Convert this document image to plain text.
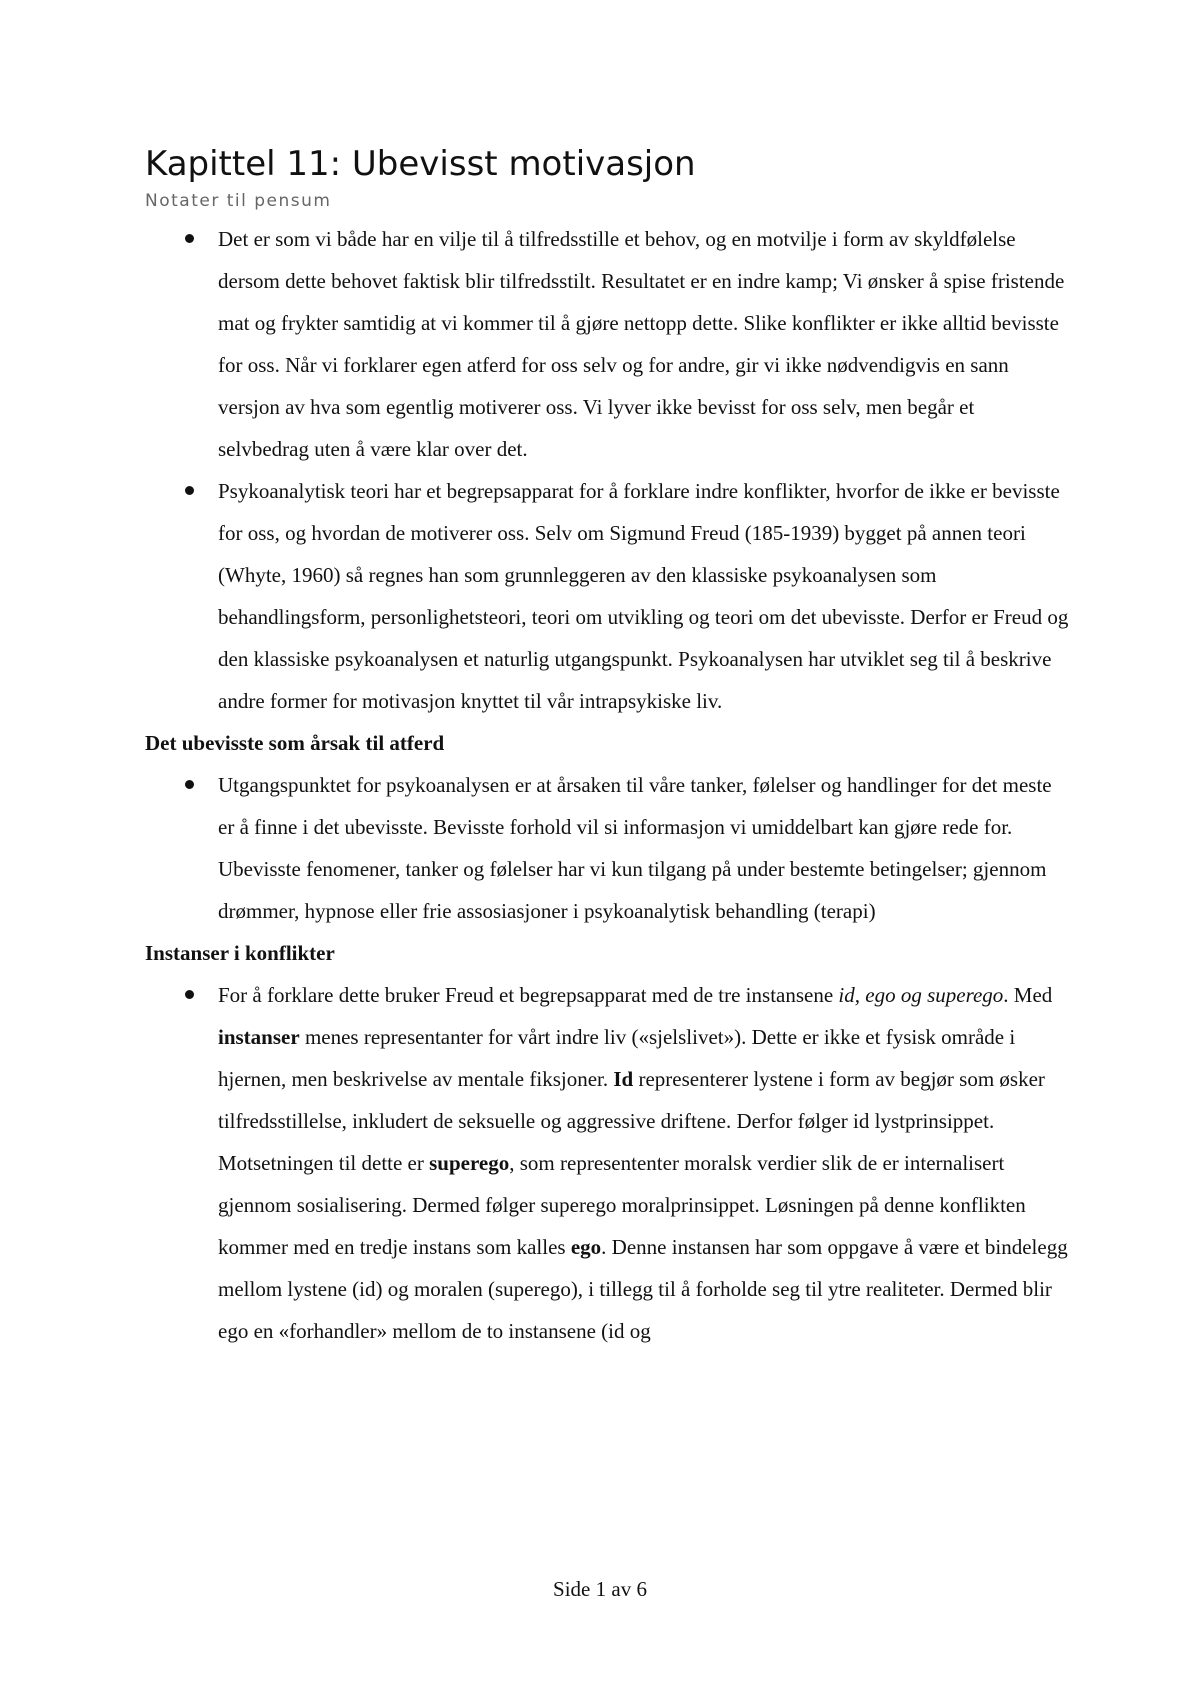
Kapittel 11: Ubevisst motivasjon
Notater til pensum
Det er som vi både har en vilje til å tilfredsstille et behov, og en motvilje i form av skyldfølelse dersom dette behovet faktisk blir tilfredsstilt. Resultatet er en indre kamp; Vi ønsker å spise fristende mat og frykter samtidig at vi kommer til å gjøre nettopp dette. Slike konflikter er ikke alltid bevisste for oss. Når vi forklarer egen atferd for oss selv og for andre, gir vi ikke nødvendigvis en sann versjon av hva som egentlig motiverer oss. Vi lyver ikke bevisst for oss selv, men begår et selvbedrag uten å være klar over det.
Psykoanalytisk teori har et begrepsapparat for å forklare indre konflikter, hvorfor de ikke er bevisste for oss, og hvordan de motiverer oss. Selv om Sigmund Freud (185-1939) bygget på annen teori (Whyte, 1960) så regnes han som grunnleggeren av den klassiske psykoanalysen som behandlingsform, personlighetsteori, teori om utvikling og teori om det ubevisste. Derfor er Freud og den klassiske psykoanalysen et naturlig utgangspunkt. Psykoanalysen har utviklet seg til å beskrive andre former for motivasjon knyttet til vår intrapsykiske liv.
Det ubevisste som årsak til atferd
Utgangspunktet for psykoanalysen er at årsaken til våre tanker, følelser og handlinger for det meste er å finne i det ubevisste. Bevisste forhold vil si informasjon vi umiddelbart kan gjøre rede for. Ubevisste fenomener, tanker og følelser har vi kun tilgang på under bestemte betingelser; gjennom drømmer, hypnose eller frie assosiasjoner i psykoanalytisk behandling (terapi)
Instanser i konflikter
For å forklare dette bruker Freud et begrepsapparat med de tre instansene id, ego og superego. Med instanser menes representanter for vårt indre liv («sjelslivet»). Dette er ikke et fysisk område i hjernen, men beskrivelse av mentale fiksjoner. Id representerer lystene i form av begjør som øsker tilfredsstillelse, inkludert de seksuelle og aggressive driftene. Derfor følger id lystprinsippet. Motsetningen til dette er superego, som represententer moralsk verdier slik de er internalisert gjennom sosialisering. Dermed følger superego moralprinsippet. Løsningen på denne konflikten kommer med en tredje instans som kalles ego. Denne instansen har som oppgave å være et bindelegg mellom lystene (id) og moralen (superego), i tillegg til å forholde seg til ytre realiteter. Dermed blir ego en «forhandler» mellom de to instansene (id og
Side 1 av 6
